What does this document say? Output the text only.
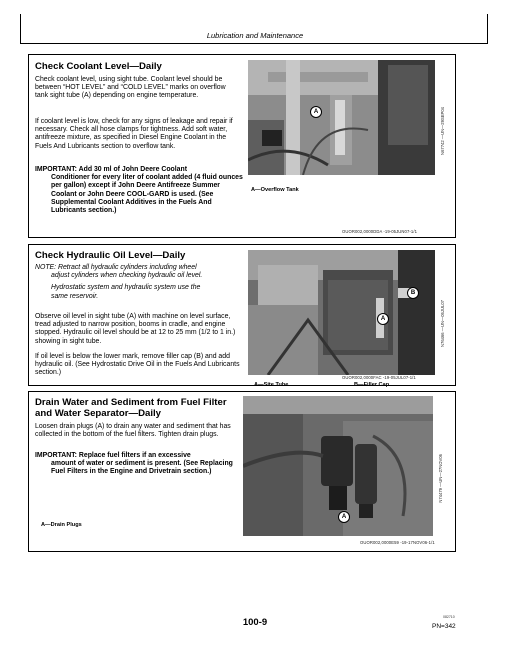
Lubrication and Maintenance
Check Coolant Level—Daily
Check coolant level, using sight tube. Coolant level should be between “HOT LEVEL” and “COLD LEVEL” marks on overflow tank sight tube (A) depending on engine temperature.
If coolant level is low, check for any signs of leakage and repair if necessary. Check all hose clamps for tightness. Add soft water, antifreeze mixture, as specified in Diesel Engine Coolant in the Fuels And Lubricants section to overflow tank.
IMPORTANT: Add 30 ml of John Deere Coolant
Conditioner for every liter of coolant added (4 fluid ounces per gallon) except if John Deere Antifreeze Summer Coolant or John Deere COOL-GARD is used. (See Supplemental Coolant Additives in the Fuels And Lubricants section.)
A	N67742 —UN—29SEP04
A—Overflow Tank
OUOR002,0000DDA -19-05JUN07-1/1
Check Hydraulic Oil Level—Daily
NOTE: Retract all hydraulic cylinders including wheel
adjust cylinders when checking hydraulic oil level.
Hydrostatic system and hydraulic system use the same reservoir.
Observe oil level in sight tube (A) with machine on level surface, tread adjusted to narrow position, booms in cradle, and engine stopped. Hydraulic oil level should be at 12 to 25 mm (1/2 to 1 in.) showing in sight tube.
If oil level is below the lower mark, remove filler cap (B) and add hydraulic oil. (See Hydrostatic Drive Oil in the Fuels And Lubricants section.)
B
A	N76466 —UN—05JUL07
A—Site Tube	B—Filler Cap
OUOR002,0000FAC -19-05JUL07-1/1
Drain Water and Sediment from Fuel Filter
and Water Separator—Daily
Loosen drain plugs (A) to drain any water and sediment that has collected in the bottom of the fuel filters. Tighten drain plugs.
IMPORTANT: Replace fuel filters if an excessive
amount of water or sediment is present. (See Replacing Fuel Filters in the Engine and Drivetrain section.)
A—Drain Plugs
A
N74479 —UN—27NOV06
OUOR002,0000E59 -19-17NOV06-1/1
100-9	082710
PN=342
